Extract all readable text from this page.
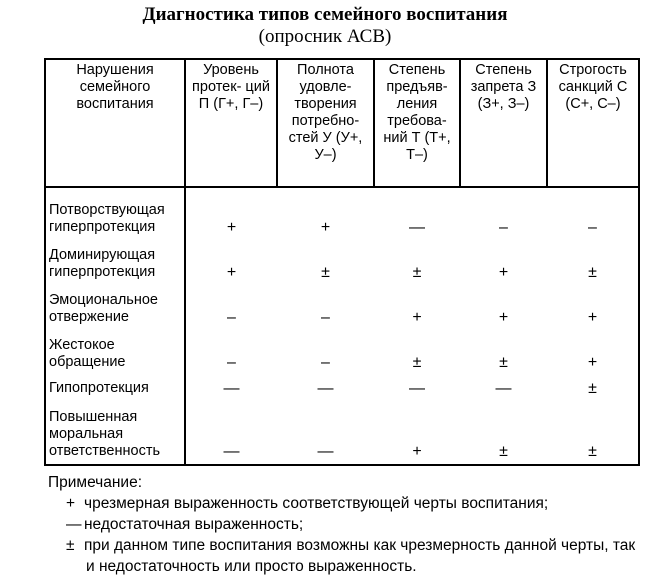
Диагностика типов семейного воспитания
(опросник АСВ)
Нарушения семейного воспитания	Уровень протек- ций П (Г+, Г–)	Полнота удовле- творения потребно- стей У (У+, У–)	Степень предъяв- ления требова- ний Т (Т+, Т–)	Степень запрета З (З+, З–)	Строгость санкций С (С+, С–)
Потворствующая гиперпротекция	+	+	—	–	–
Доминирующая гиперпротекция	+	±	±	+	±
Эмоциональное отвержение	–	–	+	+	+
Жестокое обращение	–	–	±	±	+
Гипопротекция	—	—	—	—	±
Повышенная моральная ответственность	—	—	+	±	±
Примечание:
+ чрезмерная выраженность соответствующей черты воспитания;
— недостаточная выраженность;
± при данном типе воспитания возможны как чрезмерность данной черты, так и недостаточность или просто выраженность.
